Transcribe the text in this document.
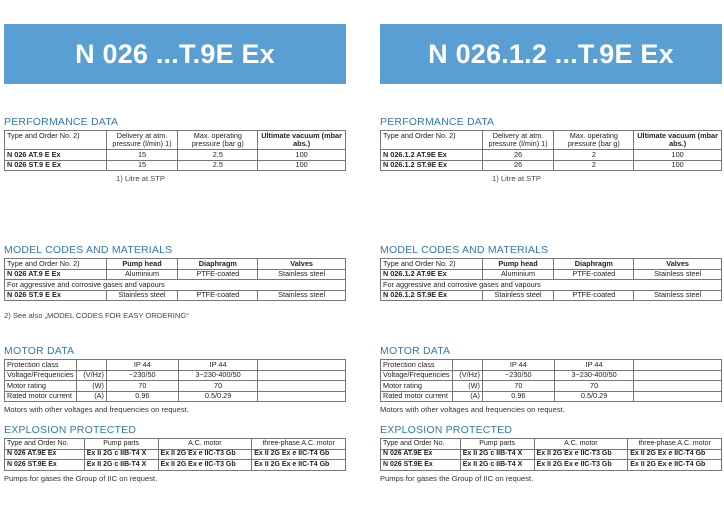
N 026 ...T.9E Ex
PERFORMANCE DATA
Type and Order No. 2)	Delivery at atm. pressure (l/min) 1)	Max. operating pressure (bar g)	Ultimate vacuum (mbar abs.)
N 026 AT.9 E Ex	15	2.5	100
N 026 ST.9 E Ex	15	2.5	100
1) Litre at STP
MODEL CODES AND MATERIALS
Type and Order No. 2)	Pump head	Diaphragm	Valves
N 026 AT.9 E Ex	Aluminium	PTFE-coated	Stainless steel
For aggressive and corrosive gases and vapours			
N 026 ST.9 E Ex	Stainless steel	PTFE-coated	Stainless steel
2) See also „MODEL CODES FOR EASY ORDERING“
MOTOR DATA
Protection class		IP 44	IP 44	
Voltage/Frequencies	(V/Hz)	~230/50	3~230-400/50	
Motor rating	(W)	70	70	
Rated motor current	(A)	0.96	0.5/0.29	
Motors with other voltages and frequencies on request.
EXPLOSION PROTECTED
Type and Order No.	Pump parts	A.C. motor	three-phase A.C. motor
N 026 AT.9E Ex	Ex II 2G c IIB-T4 X	Ex II 2G Ex e IIC-T3 Gb	Ex II 2G Ex e IIC-T4 Gb
N 026 ST.9E Ex	Ex II 2G c IIB-T4 X	Ex II 2G Ex e IIC-T3 Gb	Ex II 2G Ex e IIC-T4 Gb
Pumps for gases the Group of IIC on request.
N 026.1.2 ...T.9E Ex
PERFORMANCE DATA
Type and Order No. 2)	Delivery at atm. pressure (l/min) 1)	Max. operating pressure (bar g)	Ultimate vacuum (mbar abs.)
N 026.1.2 AT.9E Ex	26	2	100
N 026.1.2 ST.9E Ex	26	2	100
1) Litre at STP
MODEL CODES AND MATERIALS
Type and Order No. 2)	Pump head	Diaphragm	Valves
N 026.1.2 AT.9E Ex	Aluminium	PTFE-coated	Stainless steel
For aggressive and corrosive gases and vapours			
N 026.1.2 ST.9E Ex	Stainless steel	PTFE-coated	Stainless steel
MOTOR DATA
Protection class		IP 44	IP 44	
Voltage/Frequencies	(V/Hz)	~230/50	3~230-400/50	
Motor rating	(W)	70	70	
Rated motor current	(A)	0.96	0.5/0.29	
Motors with other voltages and frequencies on request.
EXPLOSION PROTECTED
Type and Order No.	Pump parts	A.C. motor	three-phase A.C. motor
N 026 AT.9E Ex	Ex II 2G c IIB-T4 X	Ex II 2G Ex e IIC-T3 Gb	Ex II 2G Ex e IIC-T4 Gb
N 026 ST.9E Ex	Ex II 2G c IIB-T4 X	Ex II 2G Ex e IIC-T3 Gb	Ex II 2G Ex e IIC-T4 Gb
Pumps for gases the Group of IIC on request.
